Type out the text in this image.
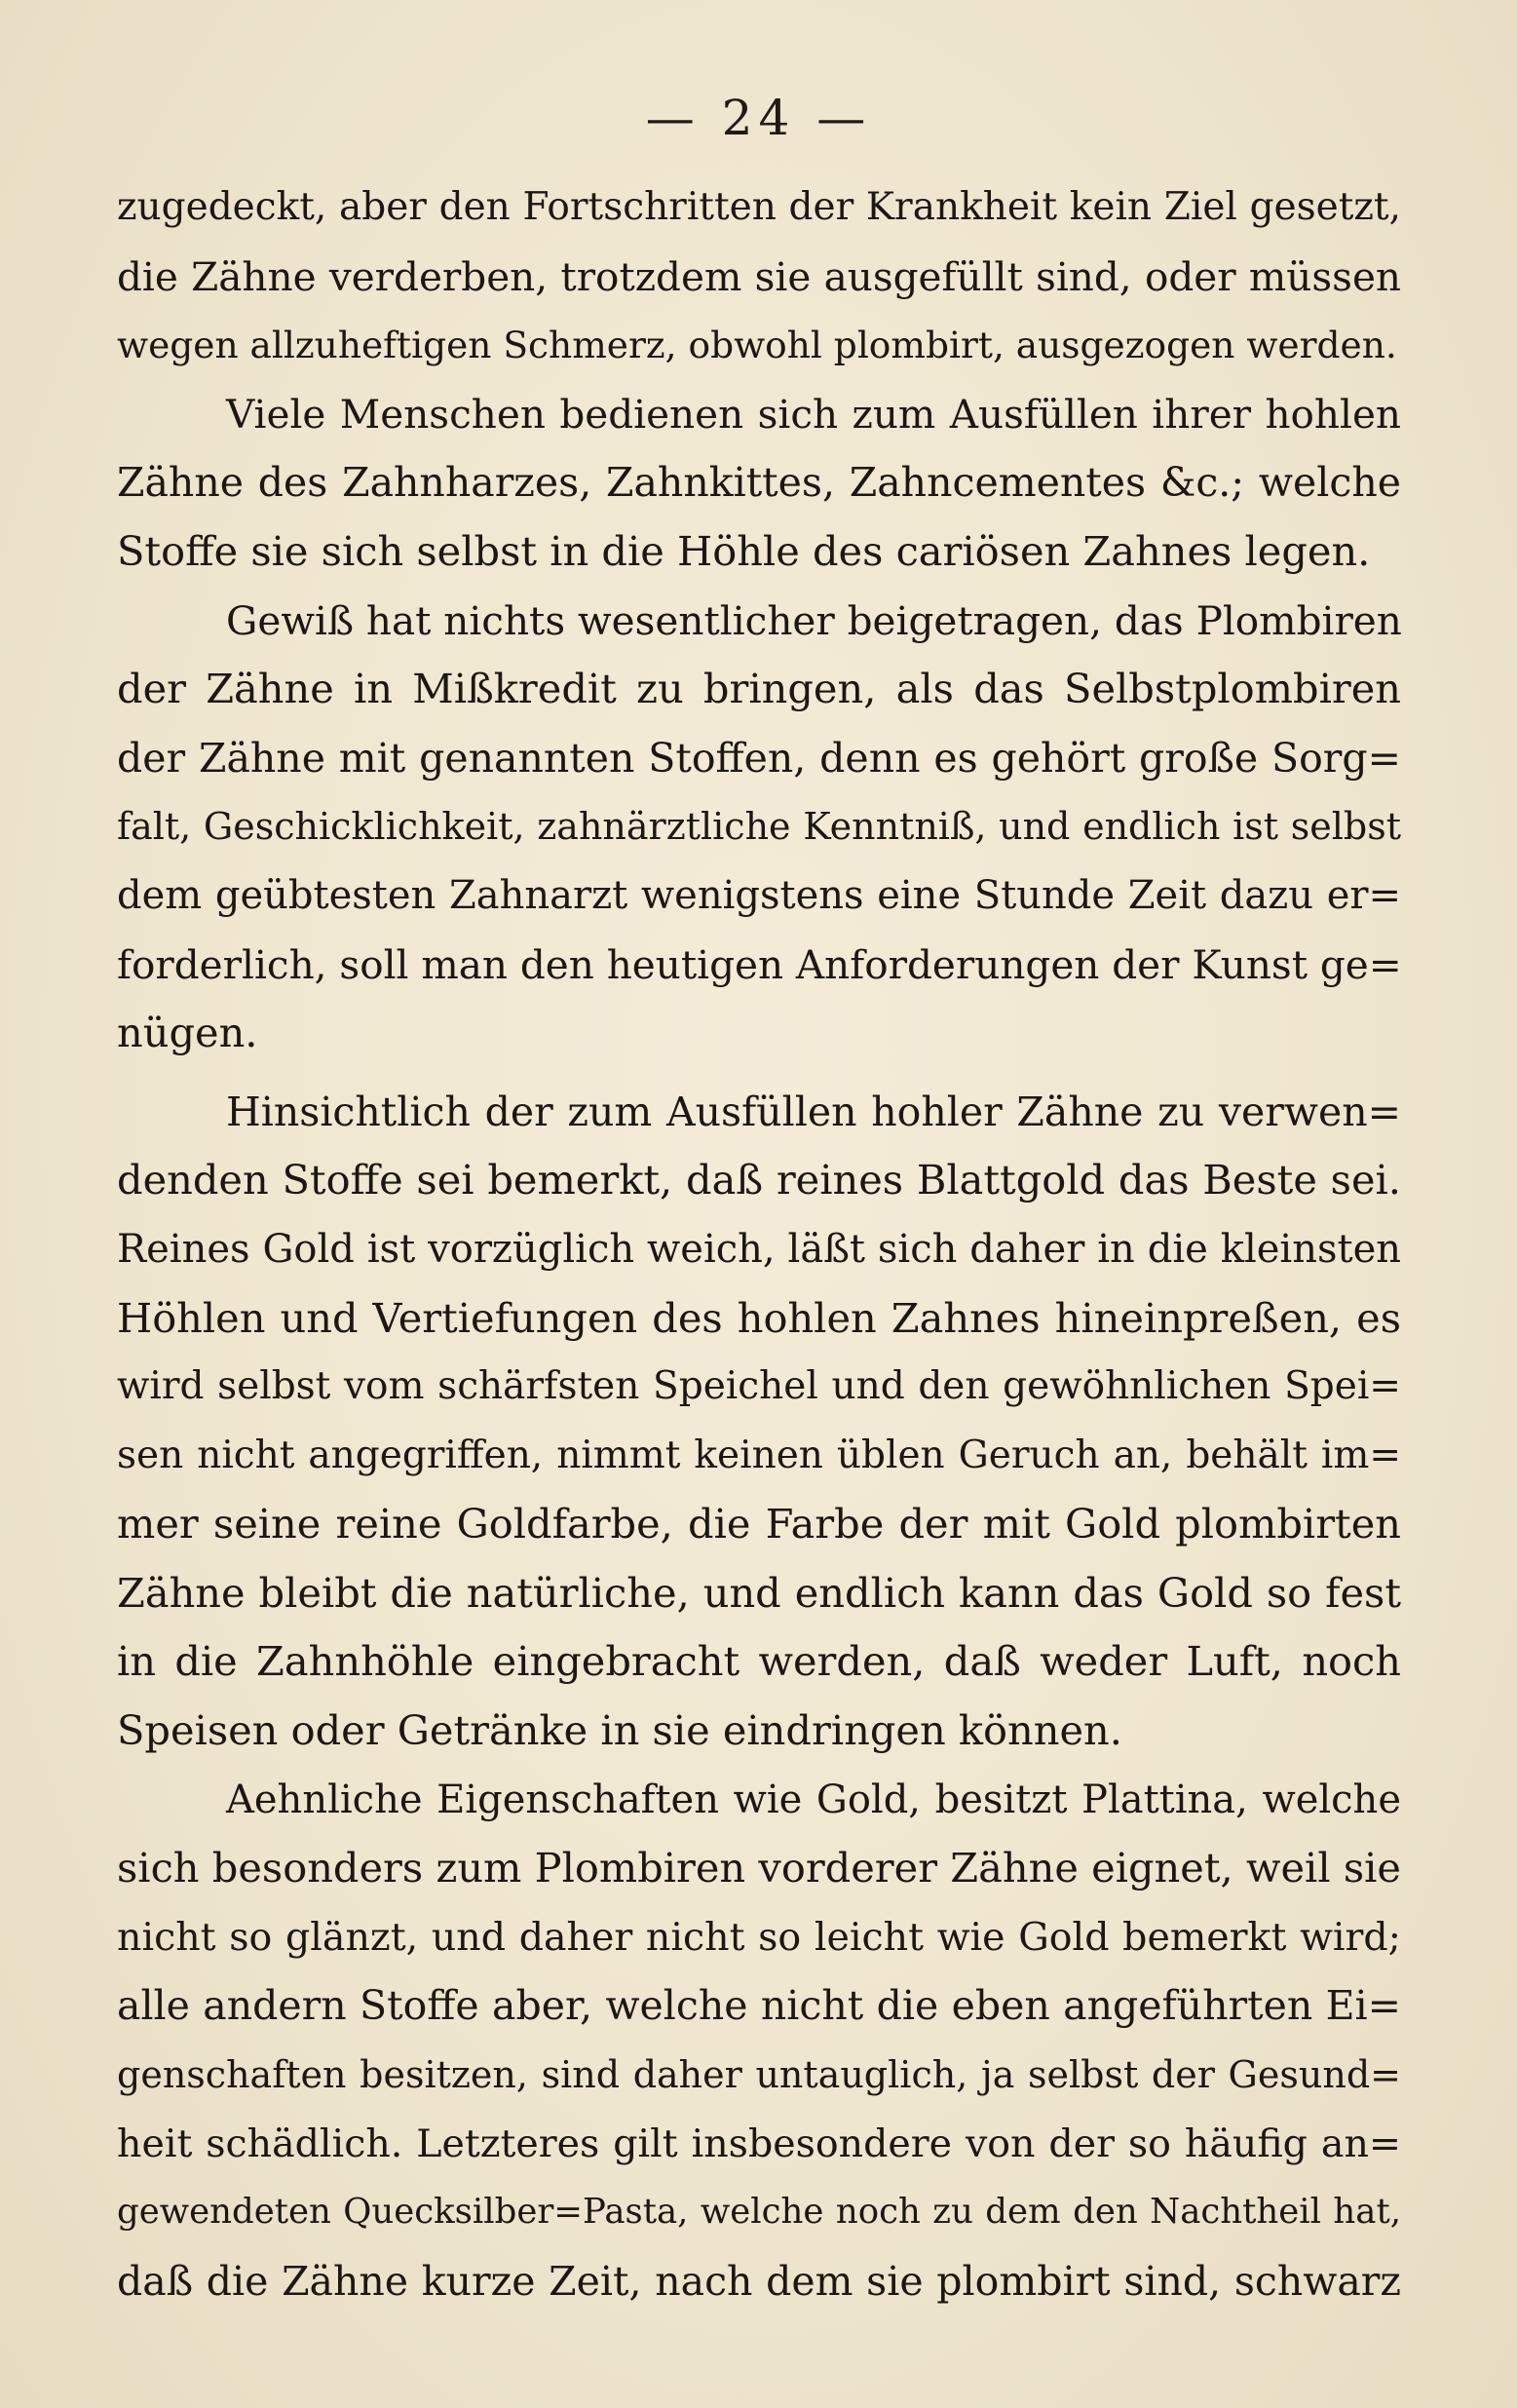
— 24 —
zugedeckt, aber den Fortschritten der Krankheit kein Ziel gesetzt,
die Zähne verderben, trotzdem sie ausgefüllt sind, oder müssen
wegen allzuheftigen Schmerz, obwohl plombirt, ausgezogen werden.
Viele Menschen bedienen sich zum Ausfüllen ihrer hohlen
Zähne des Zahnharzes, Zahnkittes, Zahncementes &c.; welche
Stoffe sie sich selbst in die Höhle des cariösen Zahnes legen.
Gewiß hat nichts wesentlicher beigetragen, das Plombiren
der Zähne in Mißkredit zu bringen, als das Selbstplombiren
der Zähne mit genannten Stoffen, denn es gehört große Sorg=
falt, Geschicklichkeit, zahnärztliche Kenntniß, und endlich ist selbst
dem geübtesten Zahnarzt wenigstens eine Stunde Zeit dazu er=
forderlich, soll man den heutigen Anforderungen der Kunst ge=
nügen.
Hinsichtlich der zum Ausfüllen hohler Zähne zu verwen=
denden Stoffe sei bemerkt, daß reines Blattgold das Beste sei.
Reines Gold ist vorzüglich weich, läßt sich daher in die kleinsten
Höhlen und Vertiefungen des hohlen Zahnes hineinpreßen, es
wird selbst vom schärfsten Speichel und den gewöhnlichen Spei=
sen nicht angegriffen, nimmt keinen üblen Geruch an, behält im=
mer seine reine Goldfarbe, die Farbe der mit Gold plombirten
Zähne bleibt die natürliche, und endlich kann das Gold so fest
in die Zahnhöhle eingebracht werden, daß weder Luft, noch
Speisen oder Getränke in sie eindringen können.
Aehnliche Eigenschaften wie Gold, besitzt Plattina, welche
sich besonders zum Plombiren vorderer Zähne eignet, weil sie
nicht so glänzt, und daher nicht so leicht wie Gold bemerkt wird;
alle andern Stoffe aber, welche nicht die eben angeführten Ei=
genschaften besitzen, sind daher untauglich, ja selbst der Gesund=
heit schädlich. Letzteres gilt insbesondere von der so häufig an=
gewendeten Quecksilber=Pasta, welche noch zu dem den Nachtheil hat,
daß die Zähne kurze Zeit, nach dem sie plombirt sind, schwarz
